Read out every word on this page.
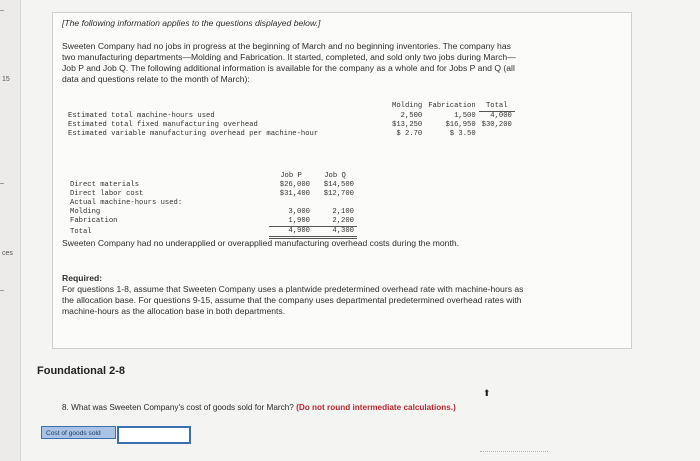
15
ces
[The following information applies to the questions displayed below.]
Sweeten Company had no jobs in progress at the beginning of March and no beginning inventories. The company has
two manufacturing departments—Molding and Fabrication. It started, completed, and sold only two jobs during March—
Job P and Job Q. The following additional information is available for the company as a whole and for Jobs P and Q (all
data and questions relate to the month of March):
	Molding	Fabrication	Total
Estimated total machine-hours used	2,500	1,500	4,000
Estimated total fixed manufacturing overhead	$13,250	$16,950	$30,200
Estimated variable manufacturing overhead per machine-hour	$ 2.70	$ 3.50	
	Job P	Job Q
Direct materials	$26,000	$14,500
Direct labor cost	$31,400	$12,700
Actual machine-hours used:		
Molding	3,000	2,100
Fabrication	1,900	2,200
Total	4,900	4,300
Sweeten Company had no underapplied or overapplied manufacturing overhead costs during the month.
Required:
For questions 1-8, assume that Sweeten Company uses a plantwide predetermined overhead rate with machine-hours as
the allocation base. For questions 9-15, assume that the company uses departmental predetermined overhead rates with
machine-hours as the allocation base in both departments.
Foundational 2-8
⬆
8. What was Sweeten Company's cost of goods sold for March? (Do not round intermediate calculations.)
Cost of goods sold
